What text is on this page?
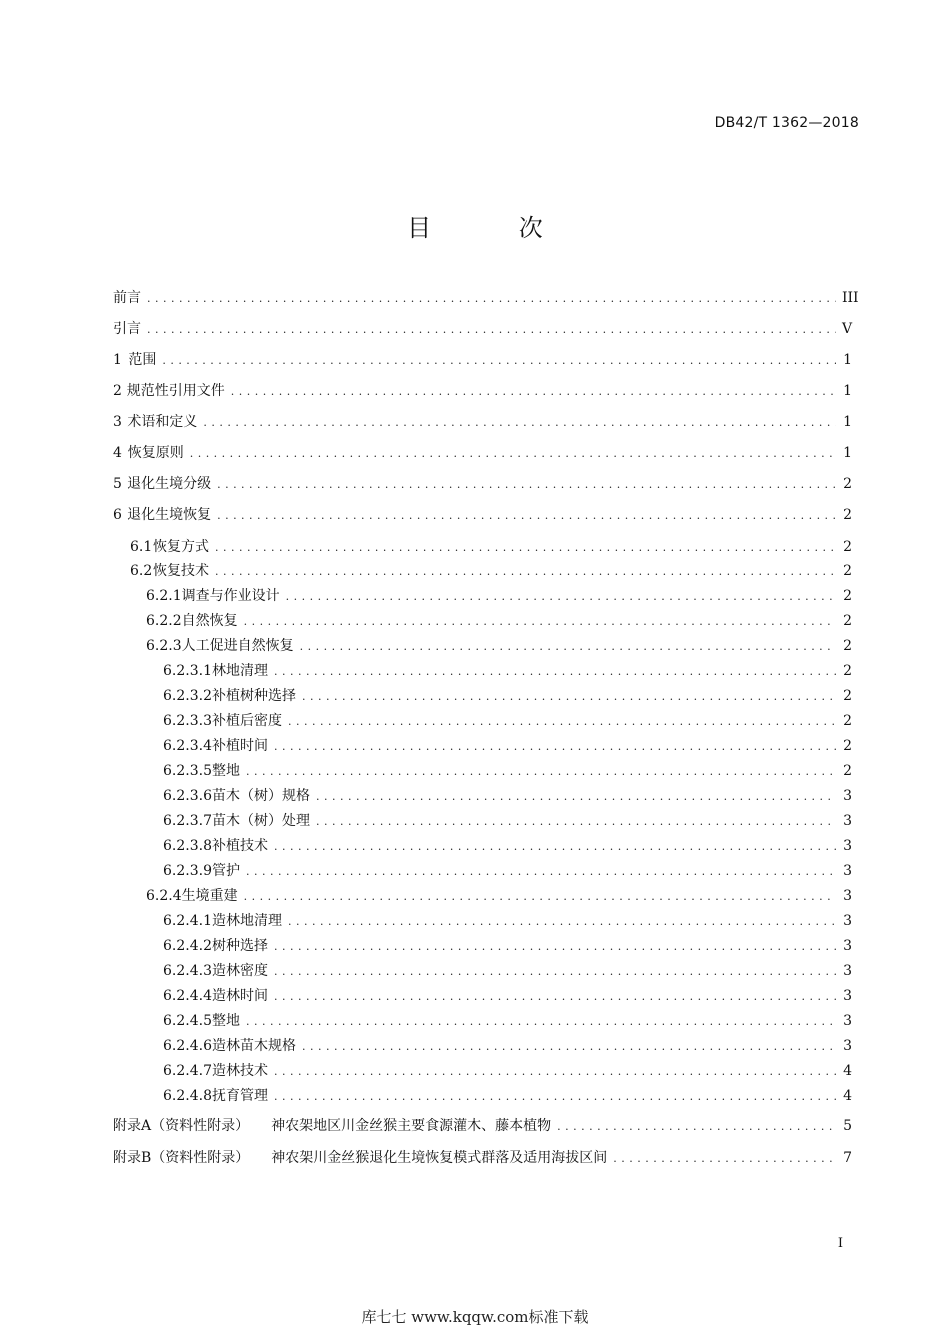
DB42/T 1362—2018
目 次
前言 . . .	III
引言 . . .	V
1 范围 . . .	1
2 规范性引用文件 . . .	1
3 术语和定义 . . .	1
4 恢复原则 . . .	1
5 退化生境分级 . . .	2
6 退化生境恢复 . . .	2
6.1 恢复方式 . . .	2
6.2 恢复技术 . . .	2
6.2.1 调查与作业设计 . . .	2
6.2.2 自然恢复 . . .	2
6.2.3 人工促进自然恢复 . . .	2
6.2.3.1 林地清理 . . .	2
6.2.3.2 补植树种选择 . . .	2
6.2.3.3 补植后密度 . . .	2
6.2.3.4 补植时间 . . .	2
6.2.3.5 整地 . . .	2
6.2.3.6 苗木（树）规格 . . .	3
6.2.3.7 苗木（树）处理 . . .	3
6.2.3.8 补植技术 . . .	3
6.2.3.9 管护 . . .	3
6.2.4 生境重建 . . .	3
6.2.4.1 造林地清理 . . .	3
6.2.4.2 树种选择 . . .	3
6.2.4.3 造林密度 . . .	3
6.2.4.4 造林时间 . . .	3
6.2.4.5 整地 . . .	3
6.2.4.6 造林苗木规格 . . .	3
6.2.4.7 造林技术 . . .	4
6.2.4.8 抚育管理 . . .	4
附录A（资料性附录） 神农架地区川金丝猴主要食源灌木、藤本植物 . . .	5
附录B（资料性附录） 神农架川金丝猴退化生境恢复模式群落及适用海拔区间 . . .	7
I
库七七 www.kqqw.com标准下载
